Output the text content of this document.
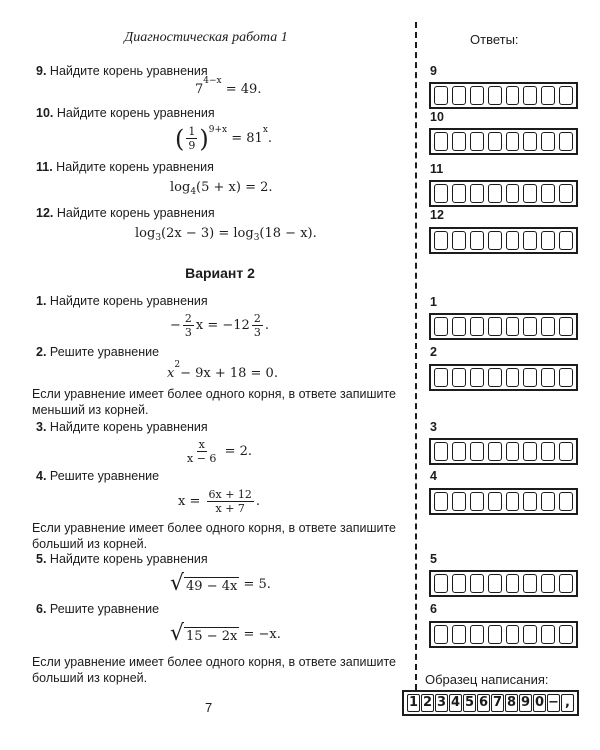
Диагностическая работа 1	Ответы:
9. Найдите корень уравнения
7
4−x

= 49.
10. Найдите корень уравнения
( $\frac{1}{9}$ ) 9+x

= 81
x
.
11. Найдите корень уравнения
log 4 (5 + x) = 2.
12. Найдите корень уравнения
log 3 (2x − 3) = log 3 (18 − x).
Вариант 2
1. Найдите корень уравнения
− $\frac{2}{3}$ $x = -12 \frac{2}{3}$ .
2. Решите уравнение
x
2
− 9x + 18 = 0.
Если уравнение имеет более одного корня, в ответе запишите меньший из корней.
3. Найдите корень уравнения
$\frac{x}{x - 6}$
= 2.
4. Решите уравнение
x =
$\frac{6x + 12}{x + 7}$ .
Если уравнение имеет более одного корня, в ответе запишите больший из корней.
5. Найдите корень уравнения
√ 49 − 4x
= 5.
6. Решите уравнение
√ 15 − 2x
= −x.
Если уравнение имеет более одного корня, в ответе запишите больший из корней.
9
10
11
12
1
2
3
4
5
6
Образец написания:
1 2 3 4 5 6 7 8 9 0 − ,
7
